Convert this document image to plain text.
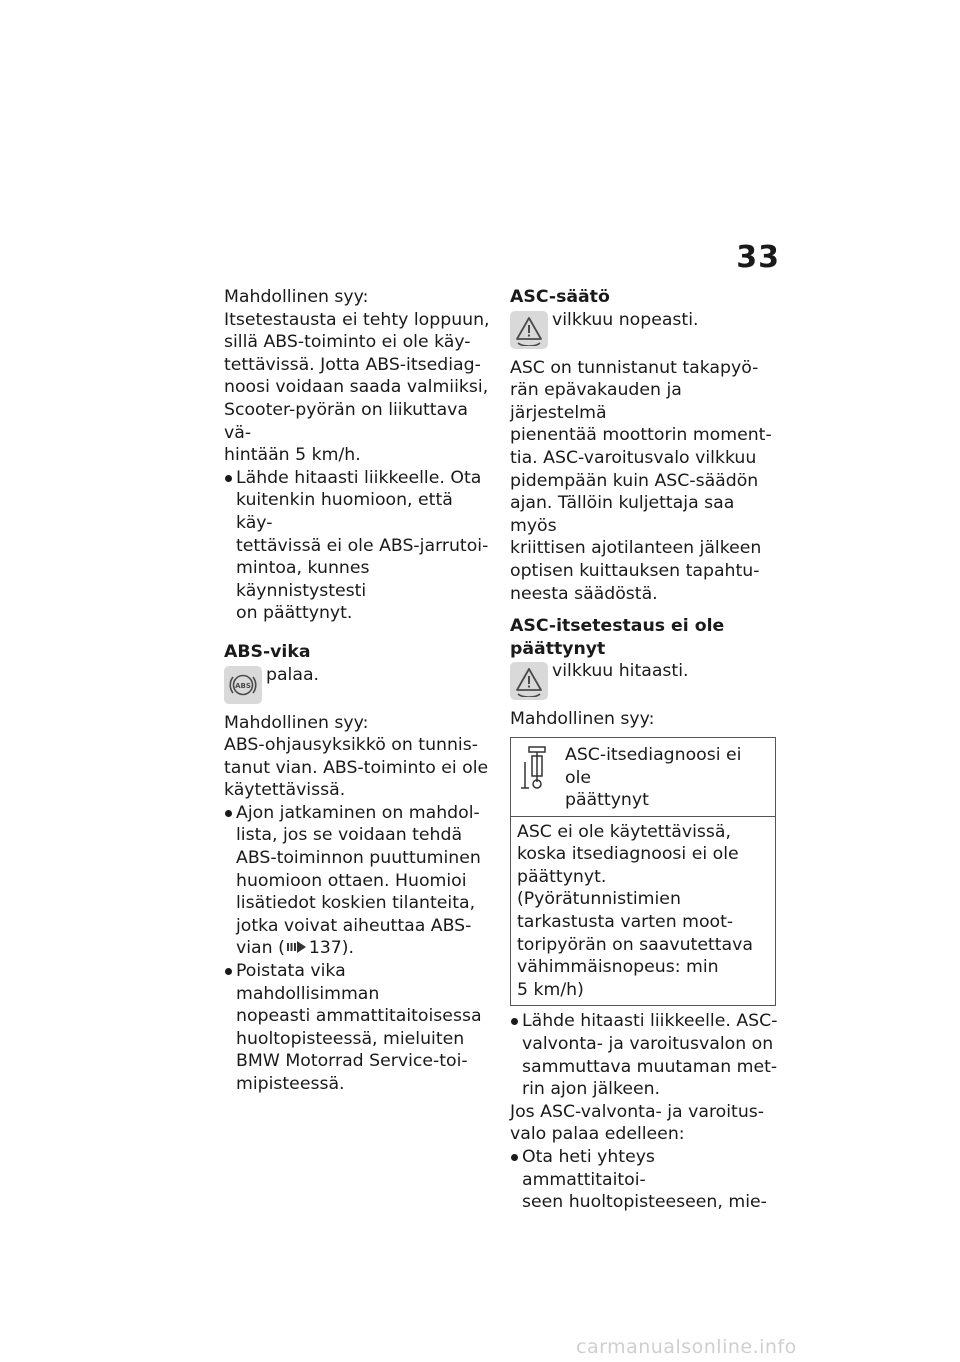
33

Mahdollinen syy:
Itsetestausta ei tehty loppuun,
sillä ABS-toiminto ei ole käy-
tettävissä. Jotta ABS-itsediag-
noosi voidaan saada valmiiksi,
Scooter-pyörän on liikuttava vä-
hintään 5 km/h.

Lähde hitaasti liikkeelle. Ota
kuitenkin huomioon, että käy-
tettävissä ei ole ABS-jarrutoi-
mintoa, kunnes käynnistystesti
on päättynyt.

ABS-vika

ABS

palaa.

Mahdollinen syy:
ABS-ohjausyksikkö on tunnis-
tanut vian. ABS-toiminto ei ole
käytettävissä.

Ajon jatkaminen on mahdol-
lista, jos se voidaan tehdä
ABS-toiminnon puuttuminen
huomioon ottaen. Huomioi
lisätiedot koskien tilanteita,
jotka voivat aiheuttaa ABS-
vian ( 137).

Poistata vika mahdollisimman
nopeasti ammattitaitoisessa
huoltopisteessä, mieluiten
BMW Motorrad Service-toi-
mipisteessä.

ASC-säätö

vilkkuu nopeasti.

ASC on tunnistanut takapyö-
rän epävakauden ja järjestelmä
pienentää moottorin moment-
tia. ASC-varoitusvalo vilkkuu
pidempään kuin ASC-säädön
ajan. Tällöin kuljettaja saa myös
kriittisen ajotilanteen jälkeen
optisen kuittauksen tapahtu-
neesta säädöstä.

ASC-itsetestaus ei ole
päättynyt

vilkkuu hitaasti.

Mahdollinen syy:

ASC-itsediagnoosi ei ole
päättynyt
ASC ei ole käytettävissä,
koska itsediagnoosi ei ole
päättynyt. (Pyörätunnistimien
tarkastusta varten moot-
toripyörän on saavutettava
vähimmäisnopeus: min
5 km/h)

Lähde hitaasti liikkeelle. ASC-
valvonta- ja varoitusvalon on
sammuttava muutaman met-
rin ajon jälkeen.

Jos ASC-valvonta- ja varoitus-
valo palaa edelleen:

Ota heti yhteys ammattitaitoi-
seen huoltopisteeseen, mie-

carmanualsonline.info
